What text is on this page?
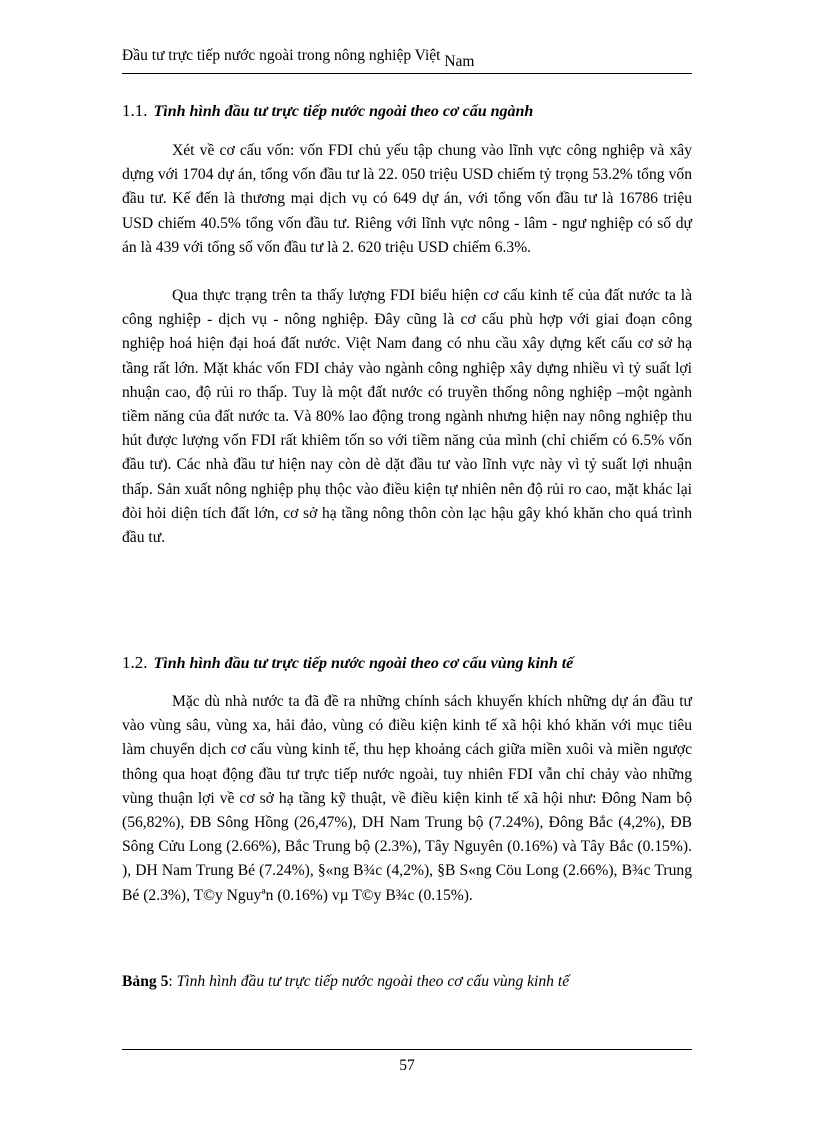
Đầu tư trực tiếp nước ngoài trong nông nghiệp Việt Nam
1.1. Tình hình đầu tư trực tiếp nước ngoài theo cơ cấu ngành

Xét về cơ cấu vốn: vốn FDI chủ yếu tập chung vào lĩnh vực công nghiệp và xây dựng với 1704 dự án, tổng vốn đầu tư là 22. 050 triệu USD chiếm tỷ trọng 53.2% tổng vốn đầu tư. Kế đến là thương mại dịch vụ có 649 dự án, với tổng vốn đầu tư là 16786 triệu USD chiếm 40.5% tổng vốn đầu tư. Riêng với lĩnh vực nông - lâm - ngư nghiệp có số dự án là 439 với tổng số vốn đầu tư là 2. 620 triệu USD chiếm 6.3%.

Qua thực trạng trên ta thấy lượng FDI biểu hiện cơ cấu kinh tế của đất nước ta là công nghiệp - dịch vụ - nông nghiệp. Đây cũng là cơ cấu phù hợp với giai đoạn công nghiệp hoá hiện đại hoá đất nước. Việt Nam đang có nhu cầu xây dựng kết cấu cơ sở hạ tầng rất lớn. Mặt khác vốn FDI chảy vào ngành công nghiệp xây dựng nhiều vì tỷ suất lợi nhuận cao, độ rủi ro thấp. Tuy là một đất nước có truyền thống nông nghiệp –một ngành tiềm năng của đất nước ta. Và 80% lao động trong ngành nhưng hiện nay nông nghiệp thu hút được lượng vốn FDI rất khiêm tốn so với tiềm năng của mình (chỉ chiếm có 6.5% vốn đầu tư). Các nhà đầu tư hiện nay còn dè dặt đầu tư vào lĩnh vực này vì tỷ suất lợi nhuận thấp. Sản xuất nông nghiệp phụ thộc vào điều kiện tự nhiên nên độ rủi ro cao, mặt khác lại đòi hỏi diện tích đất lớn, cơ sở hạ tầng nông thôn còn lạc hậu gây khó khăn cho quá trình đầu tư.

1.2. Tình hình đầu tư trực tiếp nước ngoài theo cơ cấu vùng kinh tế

Mặc dù nhà nước ta đã đề ra những chính sách khuyến khích những dự án đầu tư vào vùng sâu, vùng xa, hải đảo, vùng có điều kiện kinh tế xã hội khó khăn với mục tiêu làm chuyển dịch cơ cấu vùng kinh tế, thu hẹp khoảng cách giữa miền xuôi và miền ngược thông qua hoạt động đầu tư trực tiếp nước ngoài, tuy nhiên FDI vẫn chỉ chảy vào những vùng thuận lợi về cơ sở hạ tầng kỹ thuật, về điều kiện kinh tế xã hội như: Đông Nam bộ (56,82%), ĐB Sông Hồng (26,47%), DH Nam Trung bộ (7.24%), Đông Bắc (4,2%), ĐB Sông Cửu Long (2.66%), Bắc Trung bộ (2.3%), Tây Nguyên (0.16%) và Tây Bắc (0.15%). ), DH Nam Trung Bé (7.24%), §«ng B¾c (4,2%), §B S«ng Cöu Long (2.66%), B¾c Trung Bé (2.3%), T©y Nguyªn (0.16%) vµ T©y B¾c (0.15%).

Bảng 5: Tình hình đầu tư trực tiếp nước ngoài theo cơ cấu vùng kinh tế
57
